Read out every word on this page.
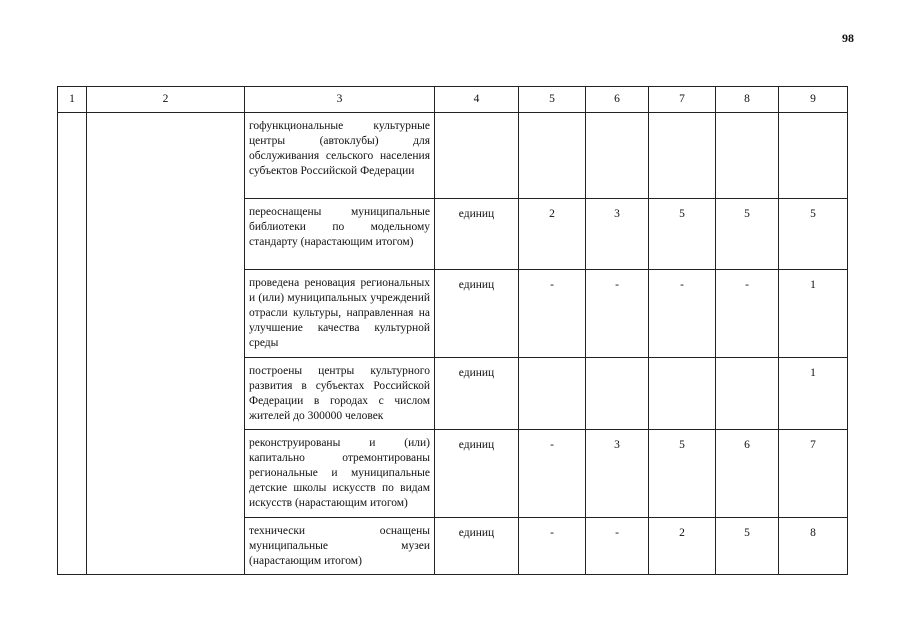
98
1	2	3	4	5	6	7	8	9
		гофункциональные культурные центры (автоклубы) для обслуживания сельского населения субъектов Российской Федерации						
		переоснащены муниципальные библиотеки по модельному стандарту (нарастающим итогом)	единиц	2	3	5	5	5
		проведена реновация региональных и (или) муниципальных учреждений отрасли культуры, направленная на улучшение качества культурной среды	единиц	-	-	-	-	1
		построены центры культурного развития в субъектах Российской Федерации в городах с числом жителей до 300000 человек	единиц					1
		реконструированы и (или) капитально отремонтированы региональные и муниципальные детские школы искусств по видам искусств (нарастающим итогом)	единиц	-	3	5	6	7
		технически оснащены муниципальные музеи (нарастающим итогом)	единиц	-	-	2	5	8
